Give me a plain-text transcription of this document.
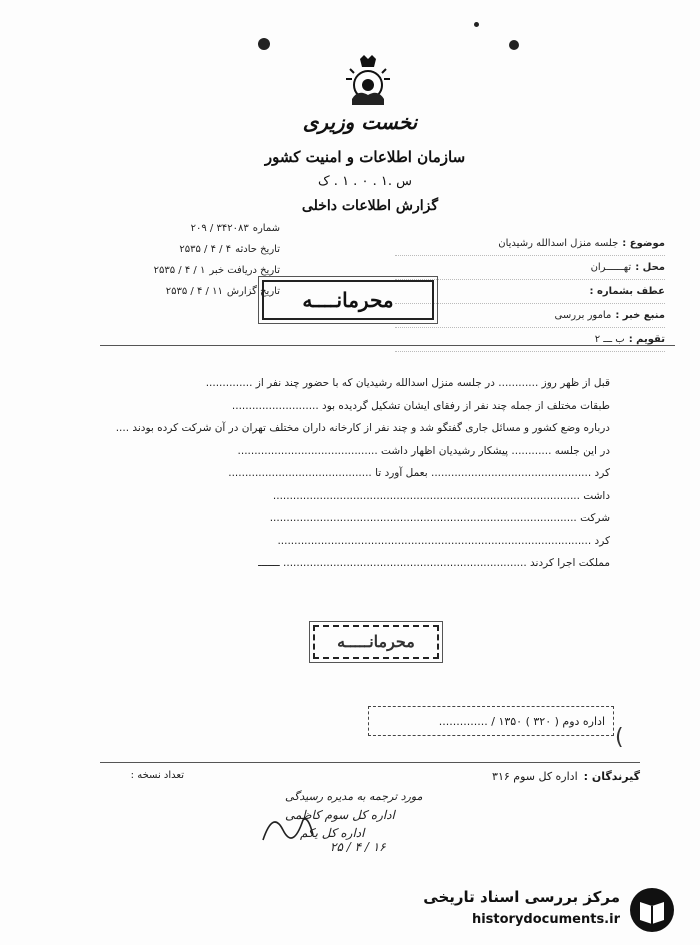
نخست وزیری
سازمان اطلاعات و امنیت کشور
س .۱ . ۰ . ۱ . ک
گزارش اطلاعات داخلی
شماره۳۴۲۰۸۳ / ۲۰۹
تاریخ حادثه۴ / ۴ / ۲۵۳۵
تاریخ دریافت خبر۱ / ۴ / ۲۵۳۵
تاریخ گزارش۱۱ / ۴ / ۲۵۳۵
موضوع :جلسه منزل اسدالله رشیدیان
محل :تهــــــران
عطف بشماره :
منبع خبر :مامور بررسی
تقویم :ب ـــ ۲
محرمانــــه
قبل از ظهر روز ............ در جلسه منزل اسدالله رشیدیان که با حضور چند نفر از ..............
طبقات مختلف از جمله چند نفر از رفقای ایشان تشکیل گردیده بود ..........................
درباره وضع کشور و مسائل جاری گفتگو شد و چند نفر از کارخانه داران مختلف تهران در آن شرکت کرده بودند ....
در این جلسه ............ پیشکار رشیدیان اظهار داشت ..........................................
کرد ................................................ بعمل آورد تا ...........................................
داشت ............................................................................................
شرکت ............................................................................................
کرد ..............................................................................................
مملکت اجرا کردند ......................................................................... ـــــــ
محرمانـــــه
اداره دوم ( ۳۲۰ ) ۱۳۵۰ / ..............
(
گیرندگان :اداره کل سوم ۳۱۶
تعداد نسخه :
مورد ترجمه به مدیره رسیدگی
اداره کل سوم کاظمی
اداره کل یکم
۱۶ / ۴ / ۲۵
مرکز بررسی اسناد تاریخی
historydocuments.ir
